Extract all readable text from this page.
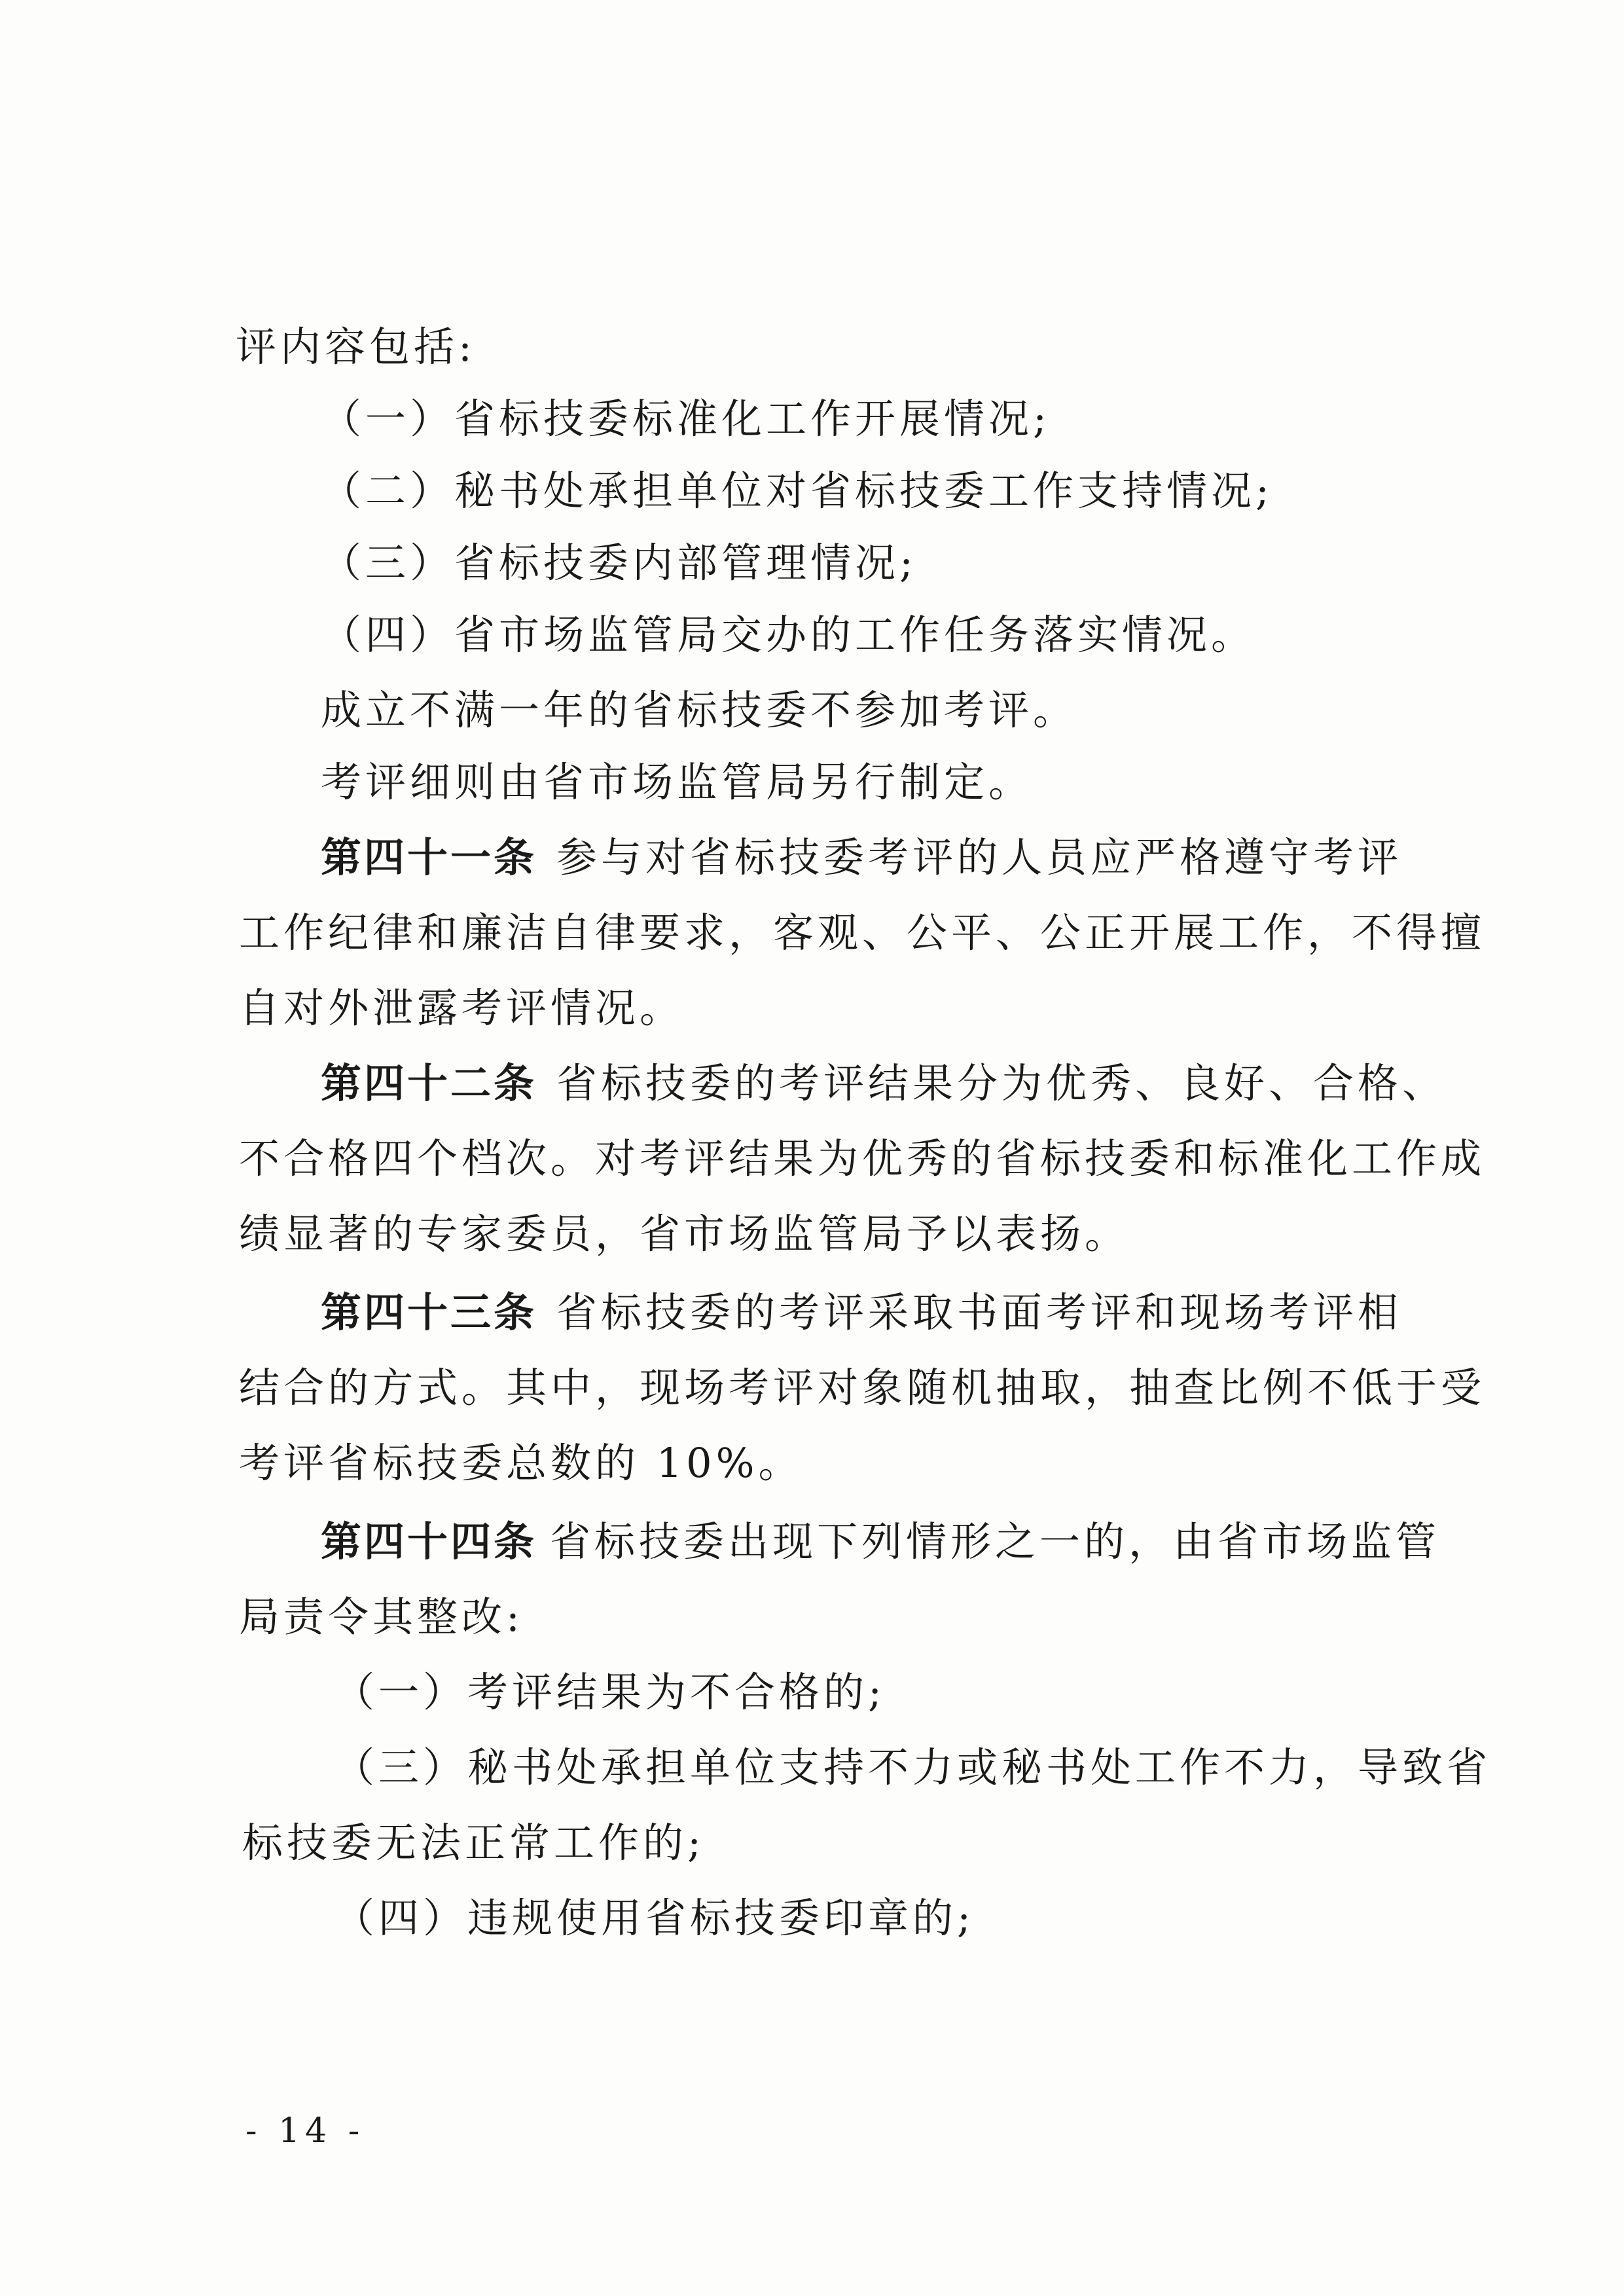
评内容包括:
（一）省标技委标准化工作开展情况;
（二）秘书处承担单位对省标技委工作支持情况;
（三）省标技委内部管理情况;
（四）省市场监管局交办的工作任务落实情况。
成立不满一年的省标技委不参加考评。
考评细则由省市场监管局另行制定。
第四十一条 参与对省标技委考评的人员应严格遵守考评
工作纪律和廉洁自律要求，客观、公平、公正开展工作，不得擅
自对外泄露考评情况。
第四十二条 省标技委的考评结果分为优秀、良好、合格、
不合格四个档次。对考评结果为优秀的省标技委和标准化工作成
绩显著的专家委员，省市场监管局予以表扬。
第四十三条 省标技委的考评采取书面考评和现场考评相
结合的方式。其中，现场考评对象随机抽取，抽查比例不低于受
考评省标技委总数的 10%。
第四十四条 省标技委出现下列情形之一的，由省市场监管
局责令其整改:
（一）考评结果为不合格的;
（三）秘书处承担单位支持不力或秘书处工作不力，导致省
标技委无法正常工作的;
（四）违规使用省标技委印章的;
- 14 -
